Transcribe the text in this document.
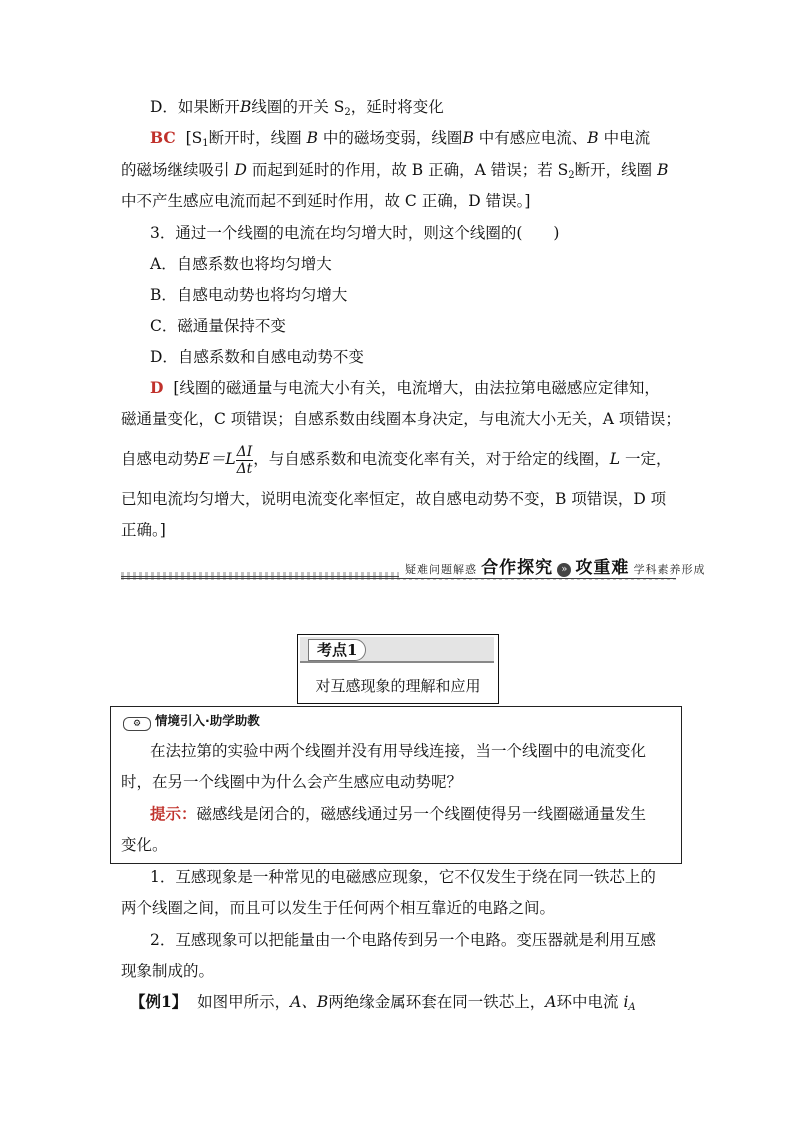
D．如果断开B线圈的开关 $S_2$，延时将变化
BC [$S_1$断开时，线圈 B 中的磁场变弱，线圈B 中有感应电流、B 中电流
的磁场继续吸引 D 而起到延时的作用，故 B 正确，A 错误；若 $S_2$断开，线圈 B
中不产生感应电流而起不到延时作用，故 C 正确，D 错误。]
3．通过一个线圈的电流在均匀增大时，则这个线圈的(　　)
A．自感系数也将均匀增大
B．自感电动势也将均匀增大
C．磁通量保持不变
D．自感系数和自感电动势不变
D [线圈的磁通量与电流大小有关，电流增大，由法拉第电磁感应定律知，
磁通量变化，C 项错误；自感系数由线圈本身决定，与电流大小无关，A 项错误；
自感电动势$E=L \frac{\Delta I}{\Delta t}$ ，与自感系数和电流变化率有关，对于给定的线圈，L 一定，
已知电流均匀增大，说明电流变化率恒定，故自感电动势不变，B 项错误，D 项
正确。]
疑难问题解惑 合作探究 » 攻重难 学科素养形成
考点1
对互感现象的理解和应用
⚙ 情境引入·助学助教
在法拉第的实验中两个线圈并没有用导线连接，当一个线圈中的电流变化
时，在另一个线圈中为什么会产生感应电动势呢？
提示：磁感线是闭合的，磁感线通过另一个线圈使得另一线圈磁通量发生
变化。
1．互感现象是一种常见的电磁感应现象，它不仅发生于绕在同一铁芯上的
两个线圈之间，而且可以发生于任何两个相互靠近的电路之间。
2．互感现象可以把能量由一个电路传到另一个电路。变压器就是利用互感
现象制成的。
【例1】 如图甲所示，A、B两绝缘金属环套在同一铁芯上，A环中电流 $i_A$
